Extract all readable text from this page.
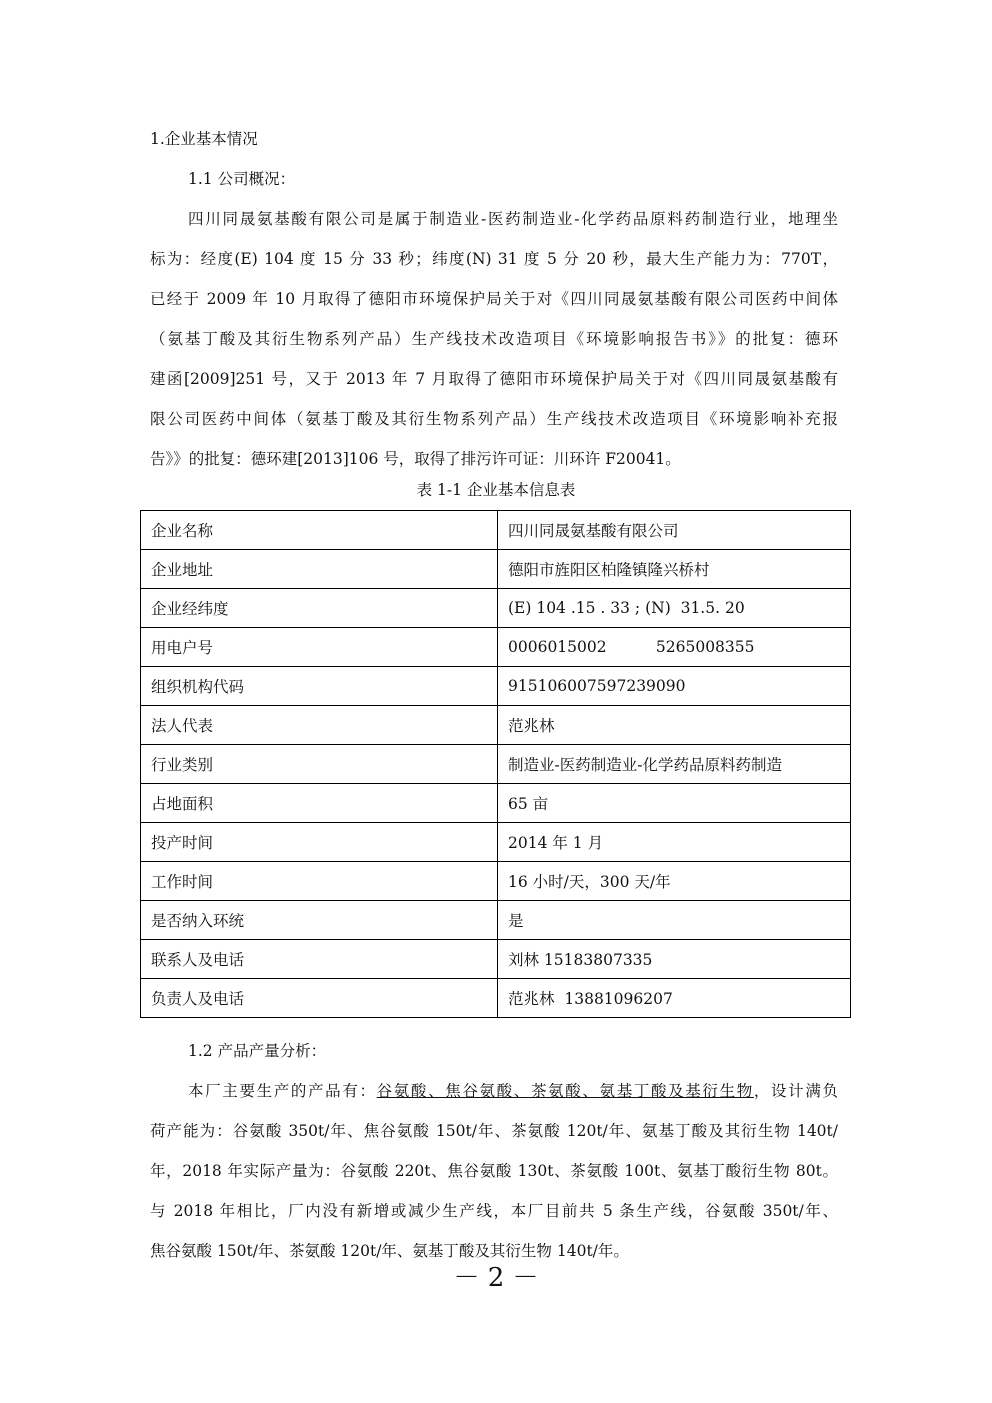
1.企业基本情况
1.1 公司概况：
四川同晟氨基酸有限公司是属于制造业-医药制造业-化学药品原料药制造行业，地理坐
标为：经度(E) 104 度 15 分 33 秒；纬度(N) 31 度 5 分 20 秒，最大生产能力为：770T，
已经于 2009 年 10 月取得了德阳市环境保护局关于对《四川同晟氨基酸有限公司医药中间体
（氨基丁酸及其衍生物系列产品）生产线技术改造项目《环境影响报告书》》的批复：德环
建函[2009]251 号，又于 2013 年 7 月取得了德阳市环境保护局关于对《四川同晟氨基酸有
限公司医药中间体（氨基丁酸及其衍生物系列产品）生产线技术改造项目《环境影响补充报
告》》的批复：德环建[2013]106 号，取得了排污许可证：川环许 F20041。
表 1-1 企业基本信息表
企业名称	四川同晟氨基酸有限公司
企业地址	德阳市旌阳区柏隆镇隆兴桥村
企业经纬度	(E) 104 .15 . 33 ; (N)  31.5. 20
用电户号	0006015002          5265008355
组织机构代码	915106007597239090
法人代表	范兆林
行业类别	制造业-医药制造业-化学药品原料药制造
占地面积	65 亩
投产时间	2014 年 1 月
工作时间	16 小时/天，300 天/年
是否纳入环统	是
联系人及电话	刘林 15183807335
负责人及电话	范兆林  13881096207
1.2 产品产量分析：
本厂主要生产的产品有：谷氨酸、焦谷氨酸、茶氨酸、氨基丁酸及基衍生物，设计满负
荷产能为：谷氨酸 350t/年、焦谷氨酸 150t/年、茶氨酸 120t/年、氨基丁酸及其衍生物 140t/
年，2018 年实际产量为：谷氨酸 220t、焦谷氨酸 130t、茶氨酸 100t、氨基丁酸衍生物 80t。
与 2018 年相比，厂内没有新增或减少生产线，本厂目前共 5 条生产线，谷氨酸 350t/年、
焦谷氨酸 150t/年、茶氨酸 120t/年、氨基丁酸及其衍生物 140t/年。
－ 2 －
